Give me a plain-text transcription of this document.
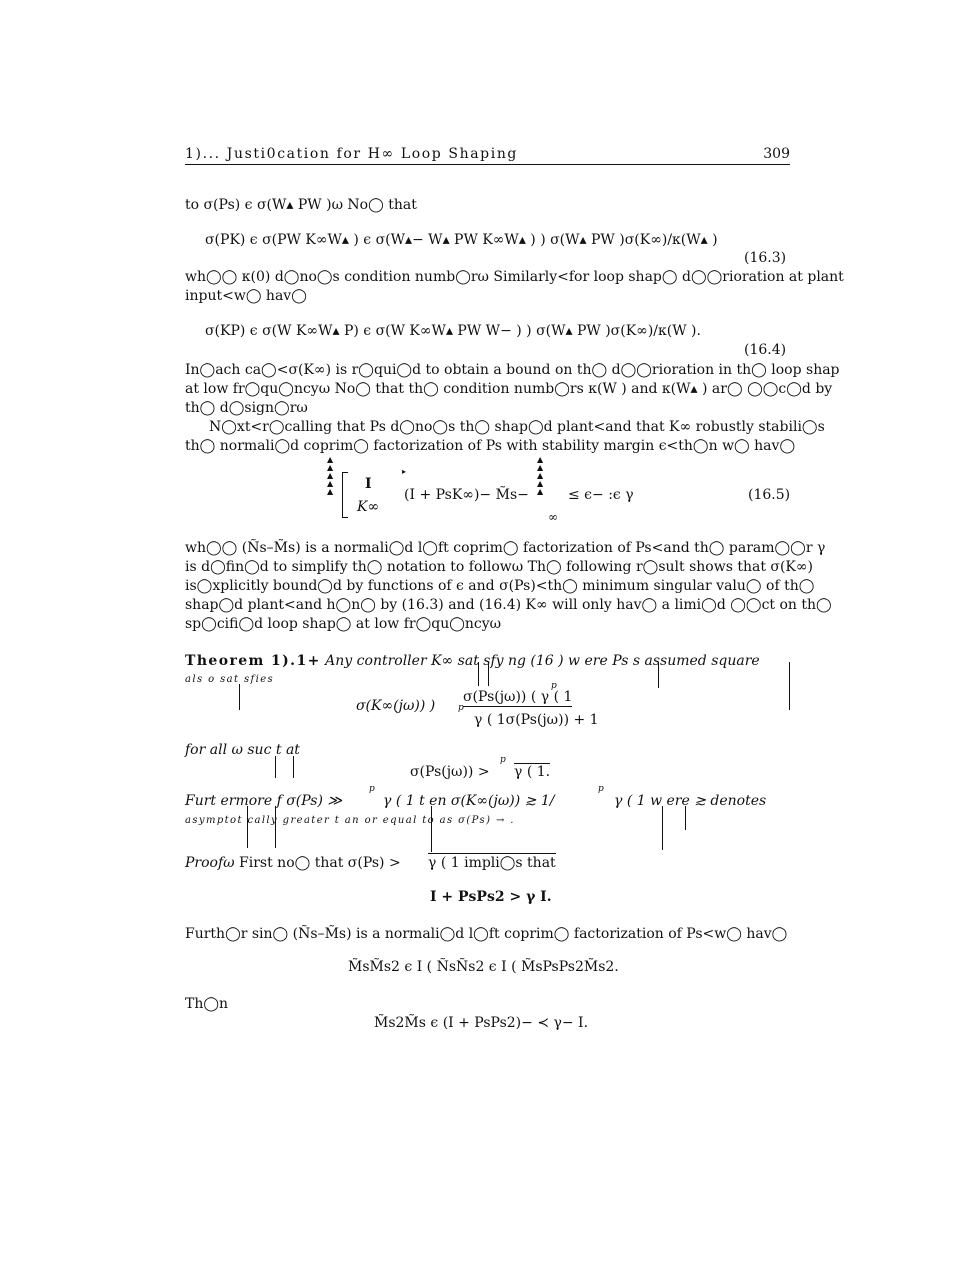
1)... Justi0cation for H∞ Loop Shaping	309
to σ(Ps) ϵ σ(W▴ PW )ω No◯ that
σ(PK) ϵ σ(PW K∞W▴ ) ϵ σ(W▴− W▴ PW K∞W▴ ) ) σ(W▴ PW )σ(K∞)/κ(W▴ )
(16.3)
wh◯◯ κ(0) d◯no◯s condition numb◯rω Similarly<for loop shap◯ d◯◯rioration at plant
input<w◯ hav◯
σ(KP) ϵ σ(W K∞W▴ P) ϵ σ(W K∞W▴ PW W− ) ) σ(W▴ PW )σ(K∞)/κ(W ).
(16.4)
In◯ach ca◯<σ(K∞) is r◯qui◯d to obtain a bound on th◯ d◯◯rioration in th◯ loop shap
at low fr◯qu◯ncyω No◯ that th◯ condition numb◯rs κ(W ) and κ(W▴ ) ar◯ ◯◯c◯d by
th◯ d◯sign◯rω
N◯xt<r◯calling that Ps d◯no◯s th◯ shap◯d plant<and that K∞ robustly stabili◯s
th◯ normali◯d coprim◯ factorization of Ps with stability margin ϵ<th◯n w◯ hav◯
▲
▲
▲
▲
▲ I
K∞
▸
(I + PsK∞)− M̃s−
▲
▲
▲
▲
▲ ≤ ϵ− :ϵ γ
∞
(16.5)
wh◯◯ (Ñs–M̃s) is a normali◯d l◯ft coprim◯ factorization of Ps<and th◯ param◯◯r γ
is d◯fin◯d to simplify th◯ notation to followω Th◯ following r◯sult shows that σ(K∞)
is◯xplicitly bound◯d by functions of ϵ and σ(Ps)<th◯ minimum singular valu◯ of th◯
shap◯d plant<and h◯n◯ by (16.3) and (16.4) K∞ will only hav◯ a limi◯d ◯◯ct on th◯
sp◯cifi◯d loop shap◯ at low fr◯qu◯ncyω
Theorem 1).1+ Any controller K∞ sat sfy ng (16 ) w ere Ps s assumed square
als o sat sfies
σ(K∞(jω)) )
p
p
σ(Ps(jω)) ( γ ( 1
γ ( 1σ(Ps(jω)) + 1
for all ω suc t at
σ(Ps(jω)) >
p
γ ( 1.
Furt ermore f σ(Ps) ≫
p
γ ( 1 t en σ(K∞(jω)) ≳ 1/
p
γ ( 1 w ere ≳ denotes
asymptot cally greater t an or equal to as σ(Ps) → .
Proofω First no◯ that σ(Ps) > γ ( 1 impli◯s that
I + PsPs2 > γ I.
Furth◯r sin◯ (Ñs–M̃s) is a normali◯d l◯ft coprim◯ factorization of Ps<w◯ hav◯
M̃sM̃s2 ϵ I ( ÑsÑs2 ϵ I ( M̃sPsPs2M̃s2.
Th◯n
M̃s2M̃s ϵ (I + PsPs2)− ≺ γ− I.
